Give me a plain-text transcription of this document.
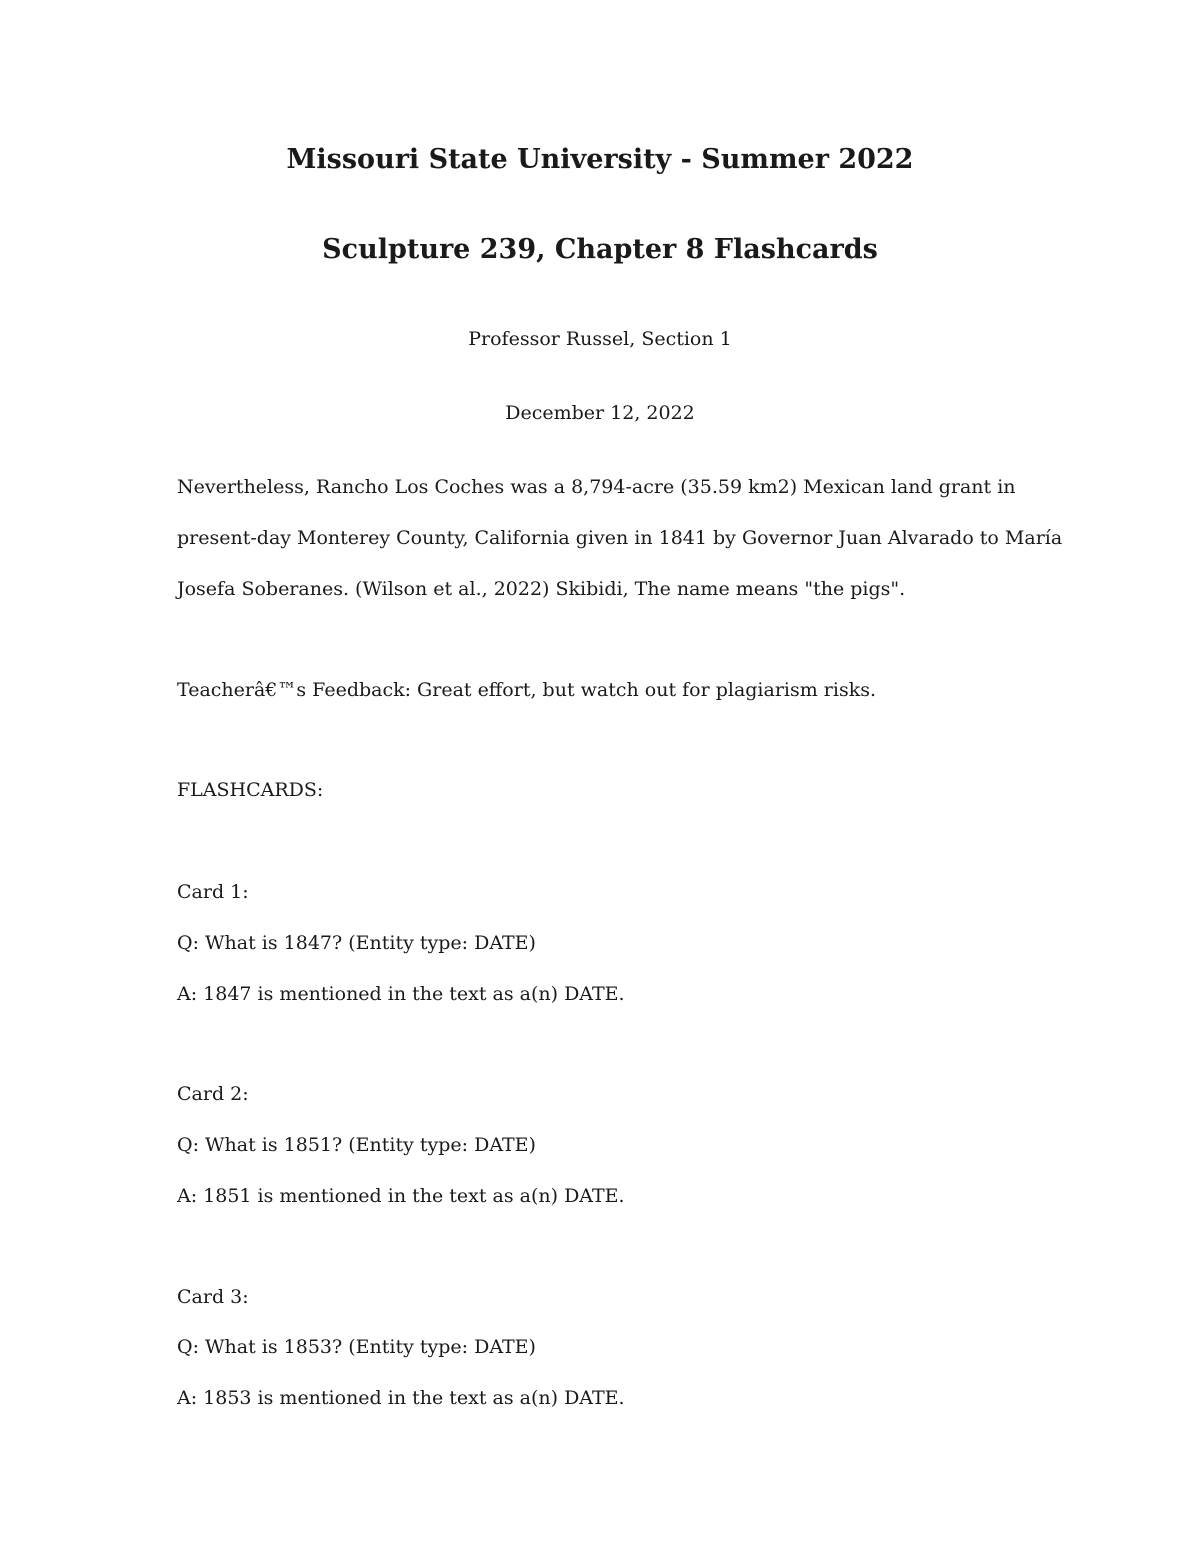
Missouri State University - Summer 2022
Sculpture 239, Chapter 8 Flashcards

Professor Russel, Section 1

December 12, 2022

Nevertheless, Rancho Los Coches was a 8,794-acre (35.59 km2) Mexican land grant in

present-day Monterey County, California given in 1841 by Governor Juan Alvarado to María

Josefa Soberanes. (Wilson et al., 2022) Skibidi, The name means "the pigs".

Teacherâ€™s Feedback: Great effort, but watch out for plagiarism risks.

FLASHCARDS:

Card 1:

Q: What is 1847? (Entity type: DATE)

A: 1847 is mentioned in the text as a(n) DATE.

Card 2:

Q: What is 1851? (Entity type: DATE)

A: 1851 is mentioned in the text as a(n) DATE.

Card 3:

Q: What is 1853? (Entity type: DATE)

A: 1853 is mentioned in the text as a(n) DATE.
